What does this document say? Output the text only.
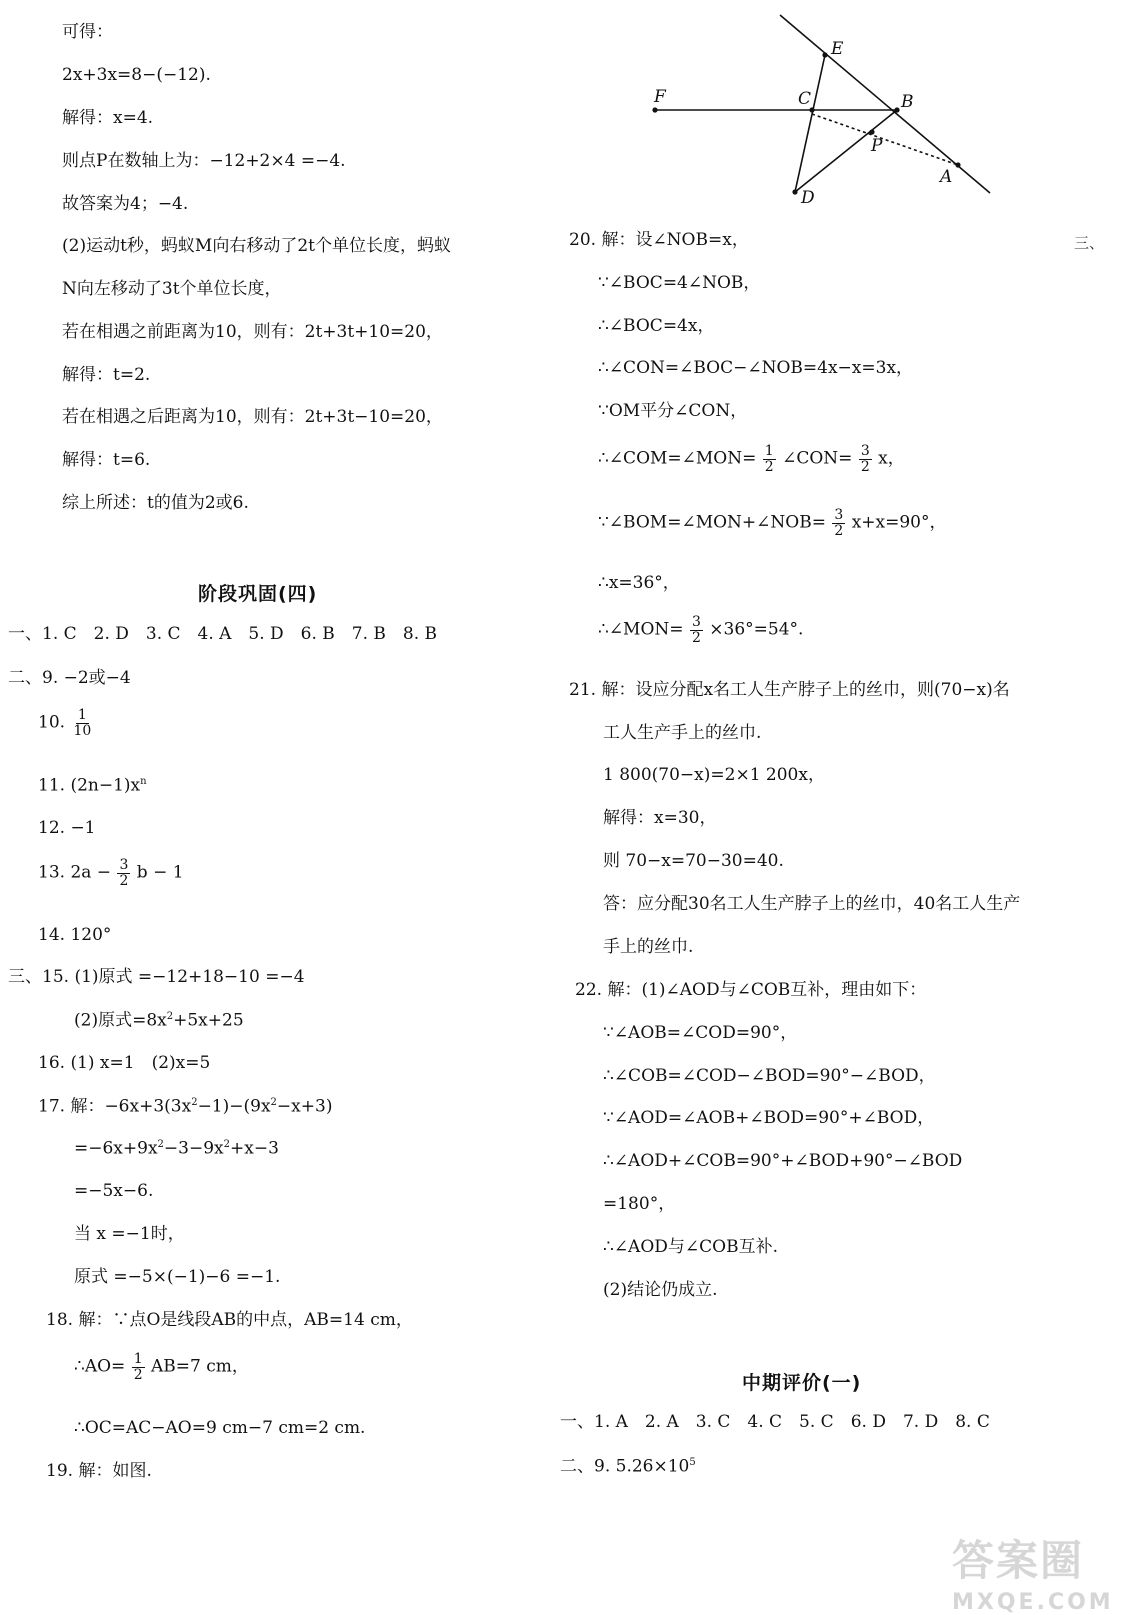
可得：
2x+3x=8−(−12).
解得：x=4.
则点P在数轴上为：−12+2×4 =−4.
故答案为4；−4.
(2)运动t秒，蚂蚁M向右移动了2t个单位长度，蚂蚁
N向左移动了3t个单位长度，
若在相遇之前距离为10，则有：2t+3t+10=20，
解得：t=2.
若在相遇之后距离为10，则有：2t+3t−10=20，
解得：t=6.
综上所述：t的值为2或6.
阶段巩固(四)
一、1. C　2. D　3. C　4. A　5. D　6. B　7. B　8. B
二、9. −2或−4
10. $\frac{1}{10}$
11. $(2n-1)x^n$
12. −1
13. $2a - \frac{3}{2}$ b − 1
14. 120°
三、15. (1)原式 =−12+18−10 =−4
(2)原式$=8x^2+5x+25$
16. (1) x=1　(2)x=5
17. 解：$-6x+3(3x^2-1)-(9x^2-x+3)$
$=-6x+9x^2-3-9x^2+x-3$
=−5x−6.
当 x =−1时，
原式 =−5×(−1)−6 =−1.
18. 解：∵点O是线段AB的中点，AB=14 cm，
∴AO= $\frac{1}{2} AB=7$ cm，
∴OC=AC−AO=9 cm−7 cm=2 cm.
19. 解：如图.
E
F	C	B
P
A
D
20. 解：设∠NOB=x，
∵∠BOC=4∠NOB，
∴∠BOC=4x，
∴∠CON=∠BOC−∠NOB=4x−x=3x，
∵OM平分∠CON，
∴∠COM=∠MON= $\frac{1}{2}$ ∠CON= $\frac{3}{2}$ x，
∵∠BOM=∠MON+∠NOB= $\frac{3}{2} x+x=90^\circ$，
∴x=36°，
∴∠MON= $\frac{3}{2} \times 36^\circ=54^\circ$.
21. 解：设应分配x名工人生产脖子上的丝巾，则(70−x)名
工人生产手上的丝巾.
1 800(70−x)=2×1 200x，
解得：x=30，
则 70−x=70−30=40.
答：应分配30名工人生产脖子上的丝巾，40名工人生产
手上的丝巾.
22. 解：(1)∠AOD与∠COB互补，理由如下：
∵∠AOB=∠COD=90°，
∴∠COB=∠COD−∠BOD=90°−∠BOD，
∵∠AOD=∠AOB+∠BOD=90°+∠BOD，
∴∠AOD+∠COB=90°+∠BOD+90°−∠BOD
=180°，
∴∠AOD与∠COB互补.
(2)结论仍成立.
中期评价(一)
一、1. A　2. A　3. C　4. C　5. C　6. D　7. D　8. C
二、9. $5.26\times 10^5$
三、
答案圈
MXQE.COM
